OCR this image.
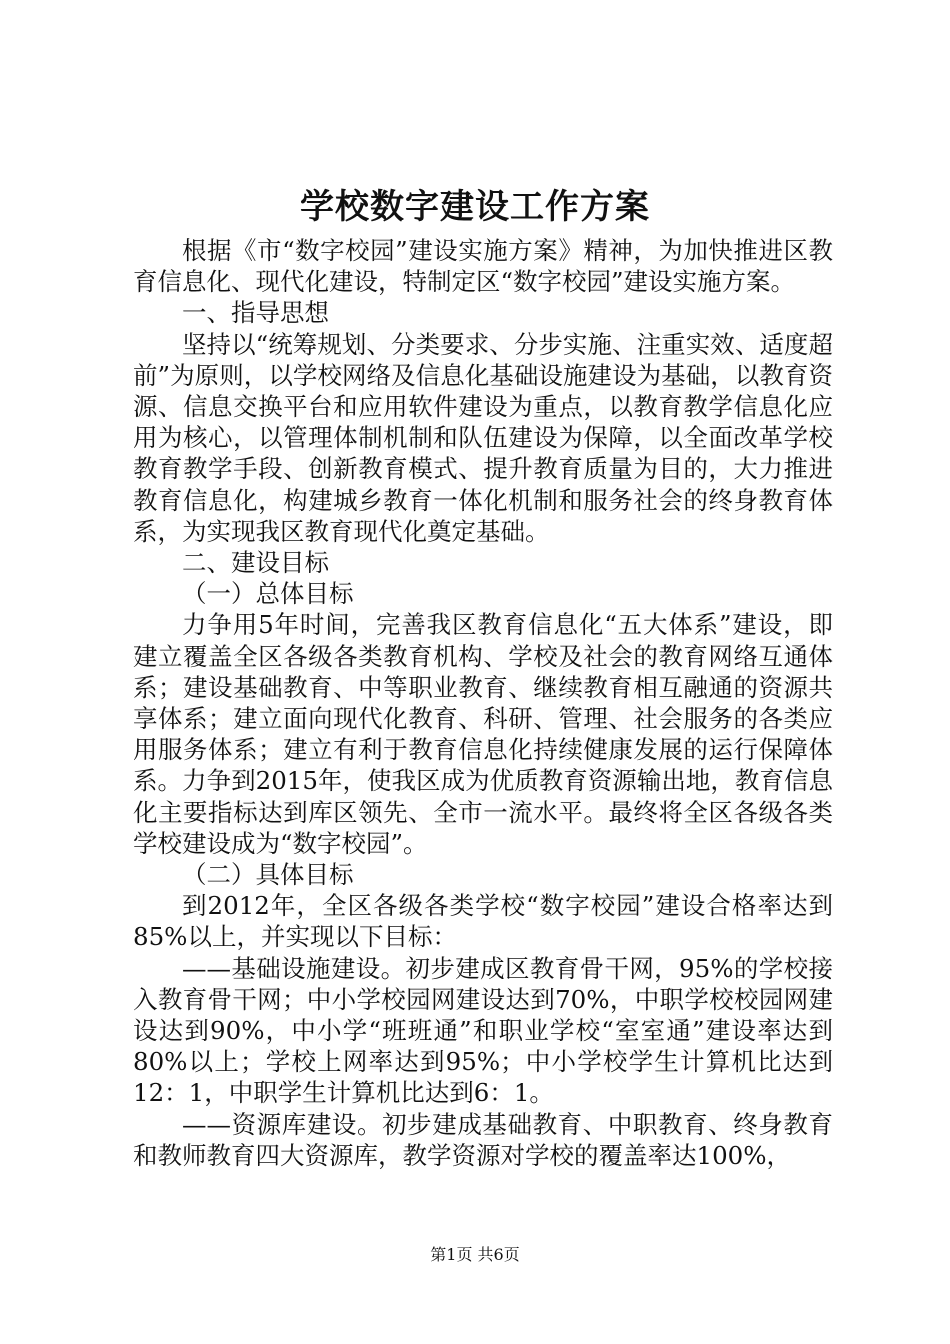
学校数字建设工作方案

根据《市“数字校园”建设实施方案》精神，为加快推进区教育信息化、现代化建设，特制定区“数字校园”建设实施方案。

一、指导思想

坚持以“统筹规划、分类要求、分步实施、注重实效、适度超前”为原则，以学校网络及信息化基础设施建设为基础，以教育资源、信息交换平台和应用软件建设为重点，以教育教学信息化应用为核心，以管理体制机制和队伍建设为保障，以全面改革学校教育教学手段、创新教育模式、提升教育质量为目的，大力推进教育信息化，构建城乡教育一体化机制和服务社会的终身教育体系，为实现我区教育现代化奠定基础。

二、建设目标

（一）总体目标

力争用5年时间，完善我区教育信息化“五大体系”建设，即建立覆盖全区各级各类教育机构、学校及社会的教育网络互通体系；建设基础教育、中等职业教育、继续教育相互融通的资源共享体系；建立面向现代化教育、科研、管理、社会服务的各类应用服务体系；建立有利于教育信息化持续健康发展的运行保障体系。力争到2015年，使我区成为优质教育资源输出地，教育信息化主要指标达到库区领先、全市一流水平。最终将全区各级各类学校建设成为“数字校园”。

（二）具体目标

到2012年，全区各级各类学校“数字校园”建设合格率达到85%以上，并实现以下目标：

——基础设施建设。初步建成区教育骨干网，95%的学校接入教育骨干网；中小学校园网建设达到70%，中职学校校园网建设达到90%，中小学“班班通”和职业学校“室室通”建设率达到80%以上；学校上网率达到95%；中小学校学生计算机比达到12：1，中职学生计算机比达到6：1。

——资源库建设。初步建成基础教育、中职教育、终身教育和教师教育四大资源库，教学资源对学校的覆盖率达100%，

第1页 共6页
